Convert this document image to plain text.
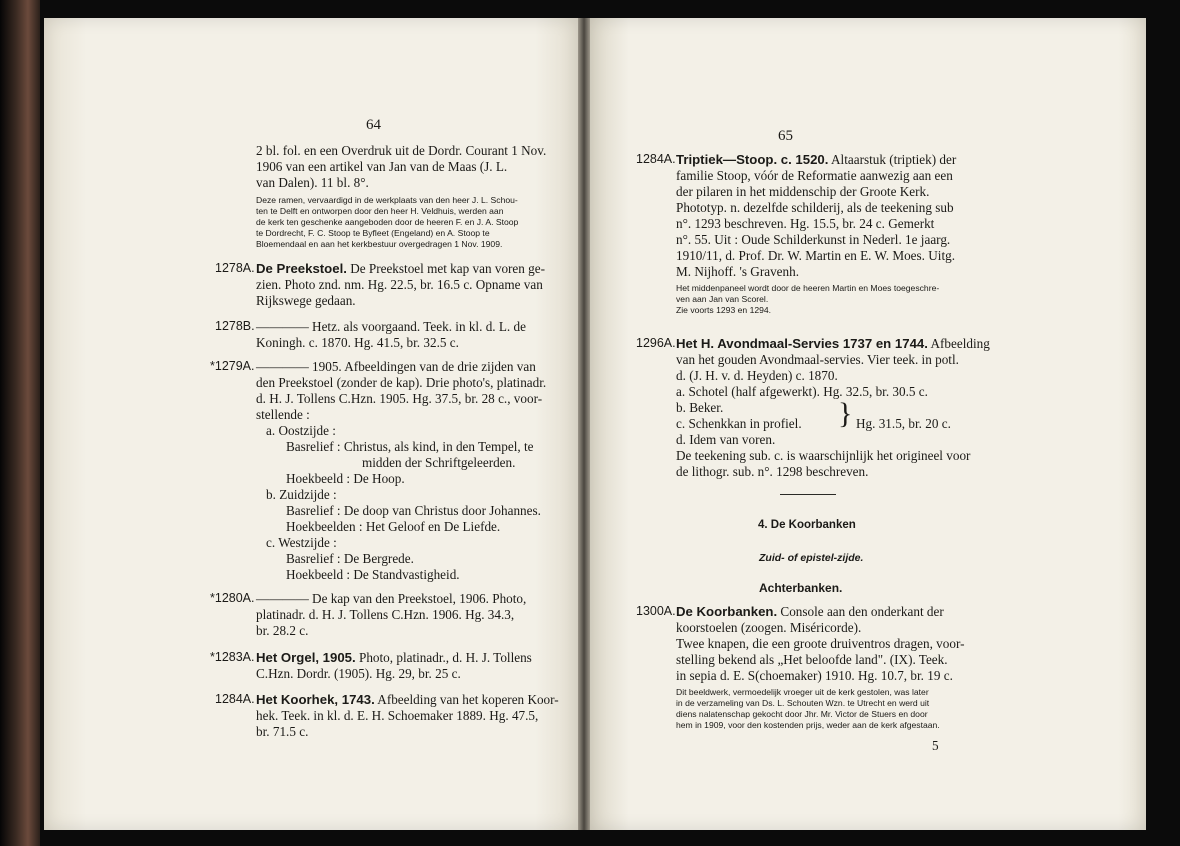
64
2 bl. fol. en een Overdruk uit de Dordr. Courant 1 Nov.
1906 van een artikel van Jan van de Maas (J. L.
van Dalen). 11 bl. 8°.
Deze ramen, vervaardigd in de werkplaats van den heer J. L. Schou-
ten te Delft en ontworpen door den heer H. Veldhuis, werden aan
de kerk ten geschenke aangeboden door de heeren F. en J. A. Stoop
te Dordrecht, F. C. Stoop te Byfleet (Engeland) en A. Stoop te
Bloemendaal en aan het kerkbestuur overgedragen 1 Nov. 1909.
1278A. De Preekstoel. De Preekstoel met kap van voren ge-
zien. Photo znd. nm. Hg. 22.5, br. 16.5 c. Opname van
Rijkswege gedaan.
1278B. ———— Hetz. als voorgaand. Teek. in kl. d. L. de
Koningh. c. 1870. Hg. 41.5, br. 32.5 c.
*1279A. ———— 1905. Afbeeldingen van de drie zijden van
den Preekstoel (zonder de kap). Drie photo's, platinadr.
d. H. J. Tollens C.Hzn. 1905. Hg. 37.5, br. 28 c., voor-
stellende :
a. Oostzijde :
Basrelief : Christus, als kind, in den Tempel, te
midden der Schriftgeleerden.
Hoekbeeld : De Hoop.
b. Zuidzijde :
Basrelief : De doop van Christus door Johannes.
Hoekbeelden : Het Geloof en De Liefde.
c. Westzijde :
Basrelief : De Bergrede.
Hoekbeeld : De Standvastigheid.
*1280A. ———— De kap van den Preekstoel, 1906. Photo,
platinadr. d. H. J. Tollens C.Hzn. 1906. Hg. 34.3,
br. 28.2 c.
*1283A. Het Orgel, 1905. Photo, platinadr., d. H. J. Tollens
C.Hzn. Dordr. (1905). Hg. 29, br. 25 c.
1284A. Het Koorhek, 1743. Afbeelding van het koperen Koor-
hek. Teek. in kl. d. E. H. Schoemaker 1889. Hg. 47.5,
br. 71.5 c.
65
1284A. Triptiek—Stoop. c. 1520. Altaarstuk (triptiek) der
familie Stoop, vóór de Reformatie aanwezig aan een
der pilaren in het middenschip der Groote Kerk.
Phototyp. n. dezelfde schilderij, als de teekening sub
n°. 1293 beschreven. Hg. 15.5, br. 24 c. Gemerkt
n°. 55. Uit : Oude Schilderkunst in Nederl. 1e jaarg.
1910/11, d. Prof. Dr. W. Martin en E. W. Moes. Uitg.
M. Nijhoff. 's Gravenh.
Het middenpaneel wordt door de heeren Martin en Moes toegeschre-
ven aan Jan van Scorel.
Zie voorts 1293 en 1294.
1296A. Het H. Avondmaal-Servies 1737 en 1744. Afbeelding
van het gouden Avondmaal-servies. Vier teek. in potl.
d. (J. H. v. d. Heyden) c. 1870.
a. Schotel (half afgewerkt). Hg. 32.5, br. 30.5 c.
b. Beker.
c. Schenkkan in profiel.
d. Idem van voren.
} Hg. 31.5, br. 20 c.
De teekening sub. c. is waarschijnlijk het origineel voor
de lithogr. sub. n°. 1298 beschreven.
4. De Koorbanken
Zuid- of epistel-zijde.
Achterbanken.
1300A. De Koorbanken. Console aan den onderkant der
koorstoelen (zoogen. Miséricorde).
Twee knapen, die een groote druiventros dragen, voor-
stelling bekend als „Het beloofde land". (IX). Teek.
in sepia d. E. S(choemaker) 1910. Hg. 10.7, br. 19 c.
Dit beeldwerk, vermoedelijk vroeger uit de kerk gestolen, was later
in de verzameling van Ds. L. Schouten Wzn. te Utrecht en werd uit
diens nalatenschap gekocht door Jhr. Mr. Victor de Stuers en door
hem in 1909, voor den kostenden prijs, weder aan de kerk afgestaan.
5
